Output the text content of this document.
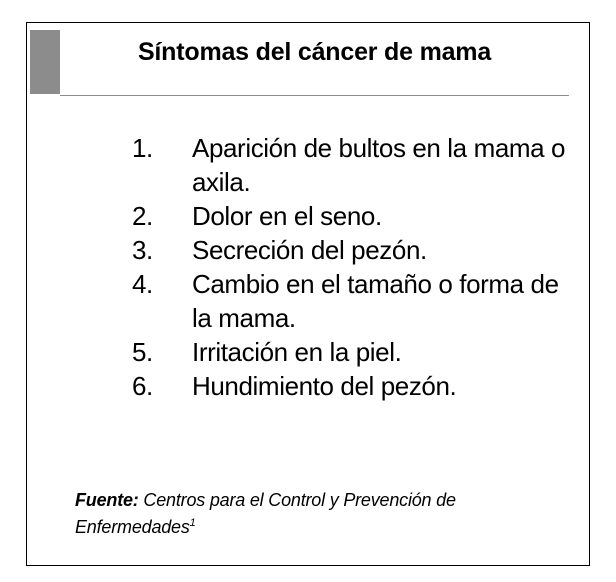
Síntomas del cáncer de mama
1.	Aparición de bultos en la mama o axila.
2.	Dolor en el seno.
3.	Secreción del pezón.
4.	Cambio en el tamaño o forma de la mama.
5.	Irritación en la piel.
6.	Hundimiento del pezón.
Fuente: Centros para el Control y Prevención de Enfermedades$^1$
